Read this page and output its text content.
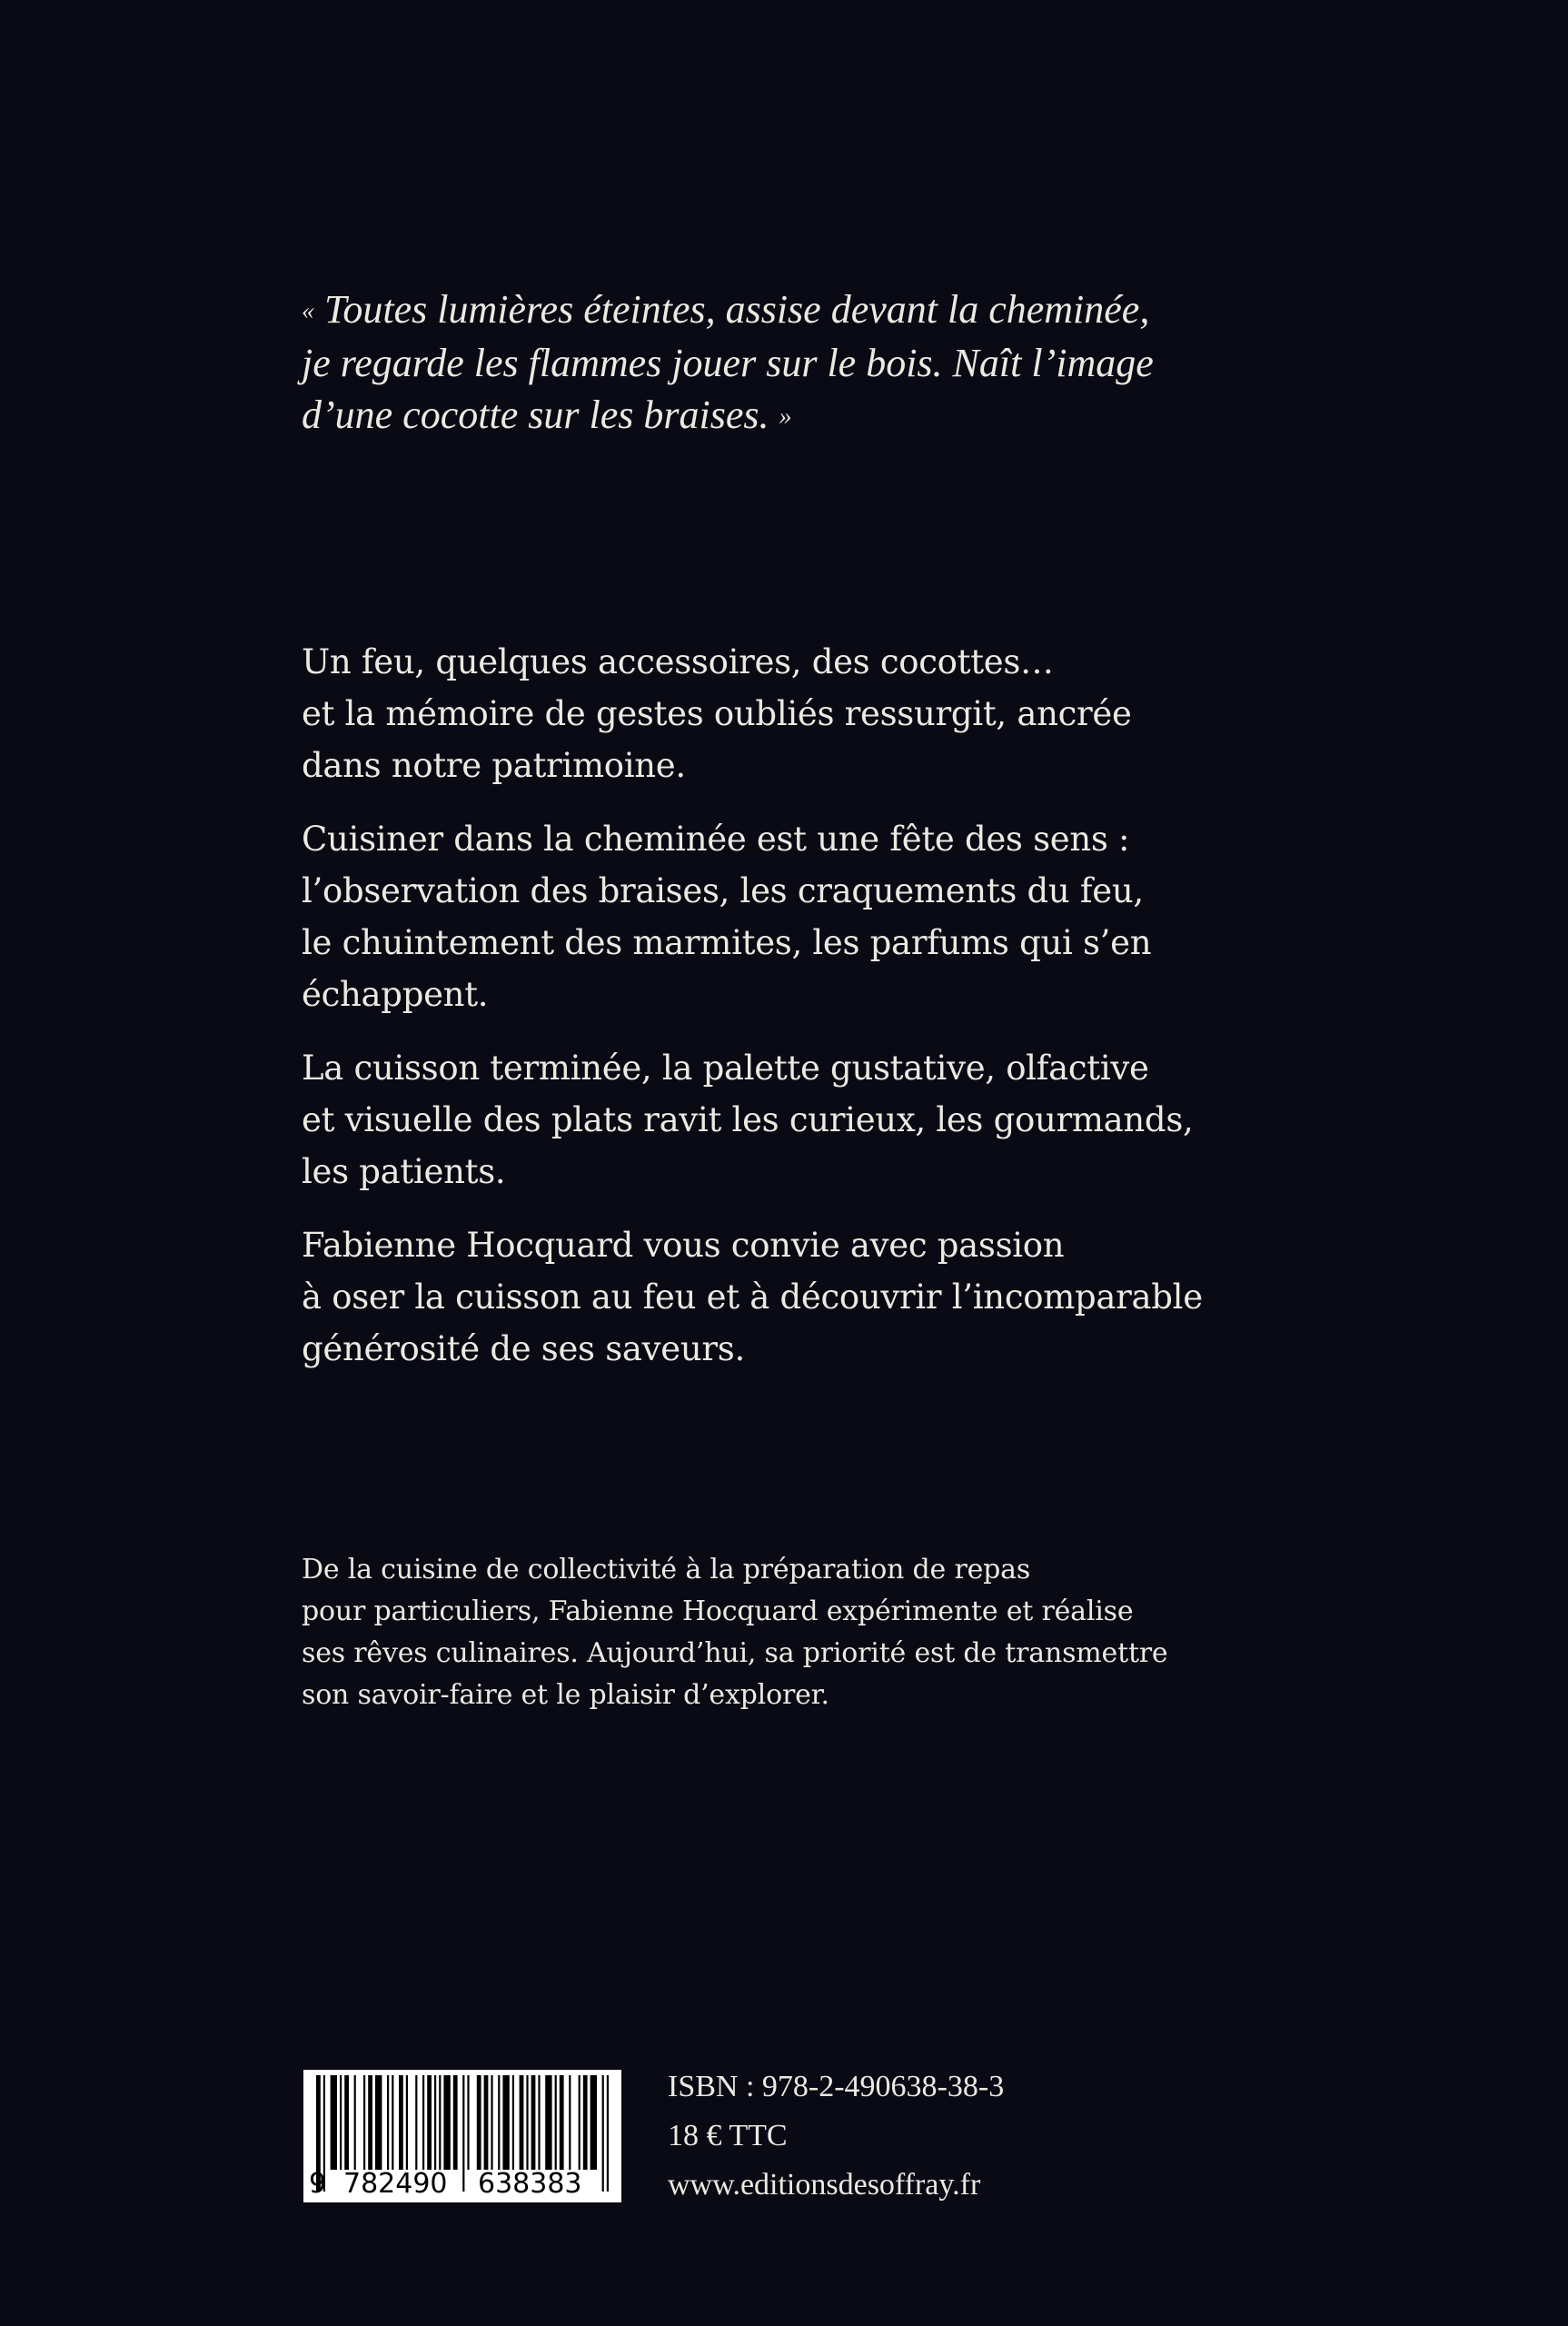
« Toutes lumières éteintes, assise devant la cheminée,
je regarde les flammes jouer sur le bois. Naît l’image
d’une cocotte sur les braises. »
Un feu, quelques accessoires, des cocottes…
et la mémoire de gestes oubliés ressurgit, ancrée
dans notre patrimoine.
Cuisiner dans la cheminée est une fête des sens :
l’observation des braises, les craquements du feu,
le chuintement des marmites, les parfums qui s’en
échappent.
La cuisson terminée, la palette gustative, olfactive
et visuelle des plats ravit les curieux, les gourmands,
les patients.
Fabienne Hocquard vous convie avec passion
à oser la cuisson au feu et à découvrir l’incomparable
générosité de ses saveurs.
De la cuisine de collectivité à la préparation de repas
pour particuliers, Fabienne Hocquard expérimente et réalise
ses rêves culinaires. Aujourd’hui, sa priorité est de transmettre
son savoir-faire et le plaisir d’explorer.
9 782490 638383
ISBN : 978-2-490638-38-3
18 € TTC
www.editionsdesoffray.fr
